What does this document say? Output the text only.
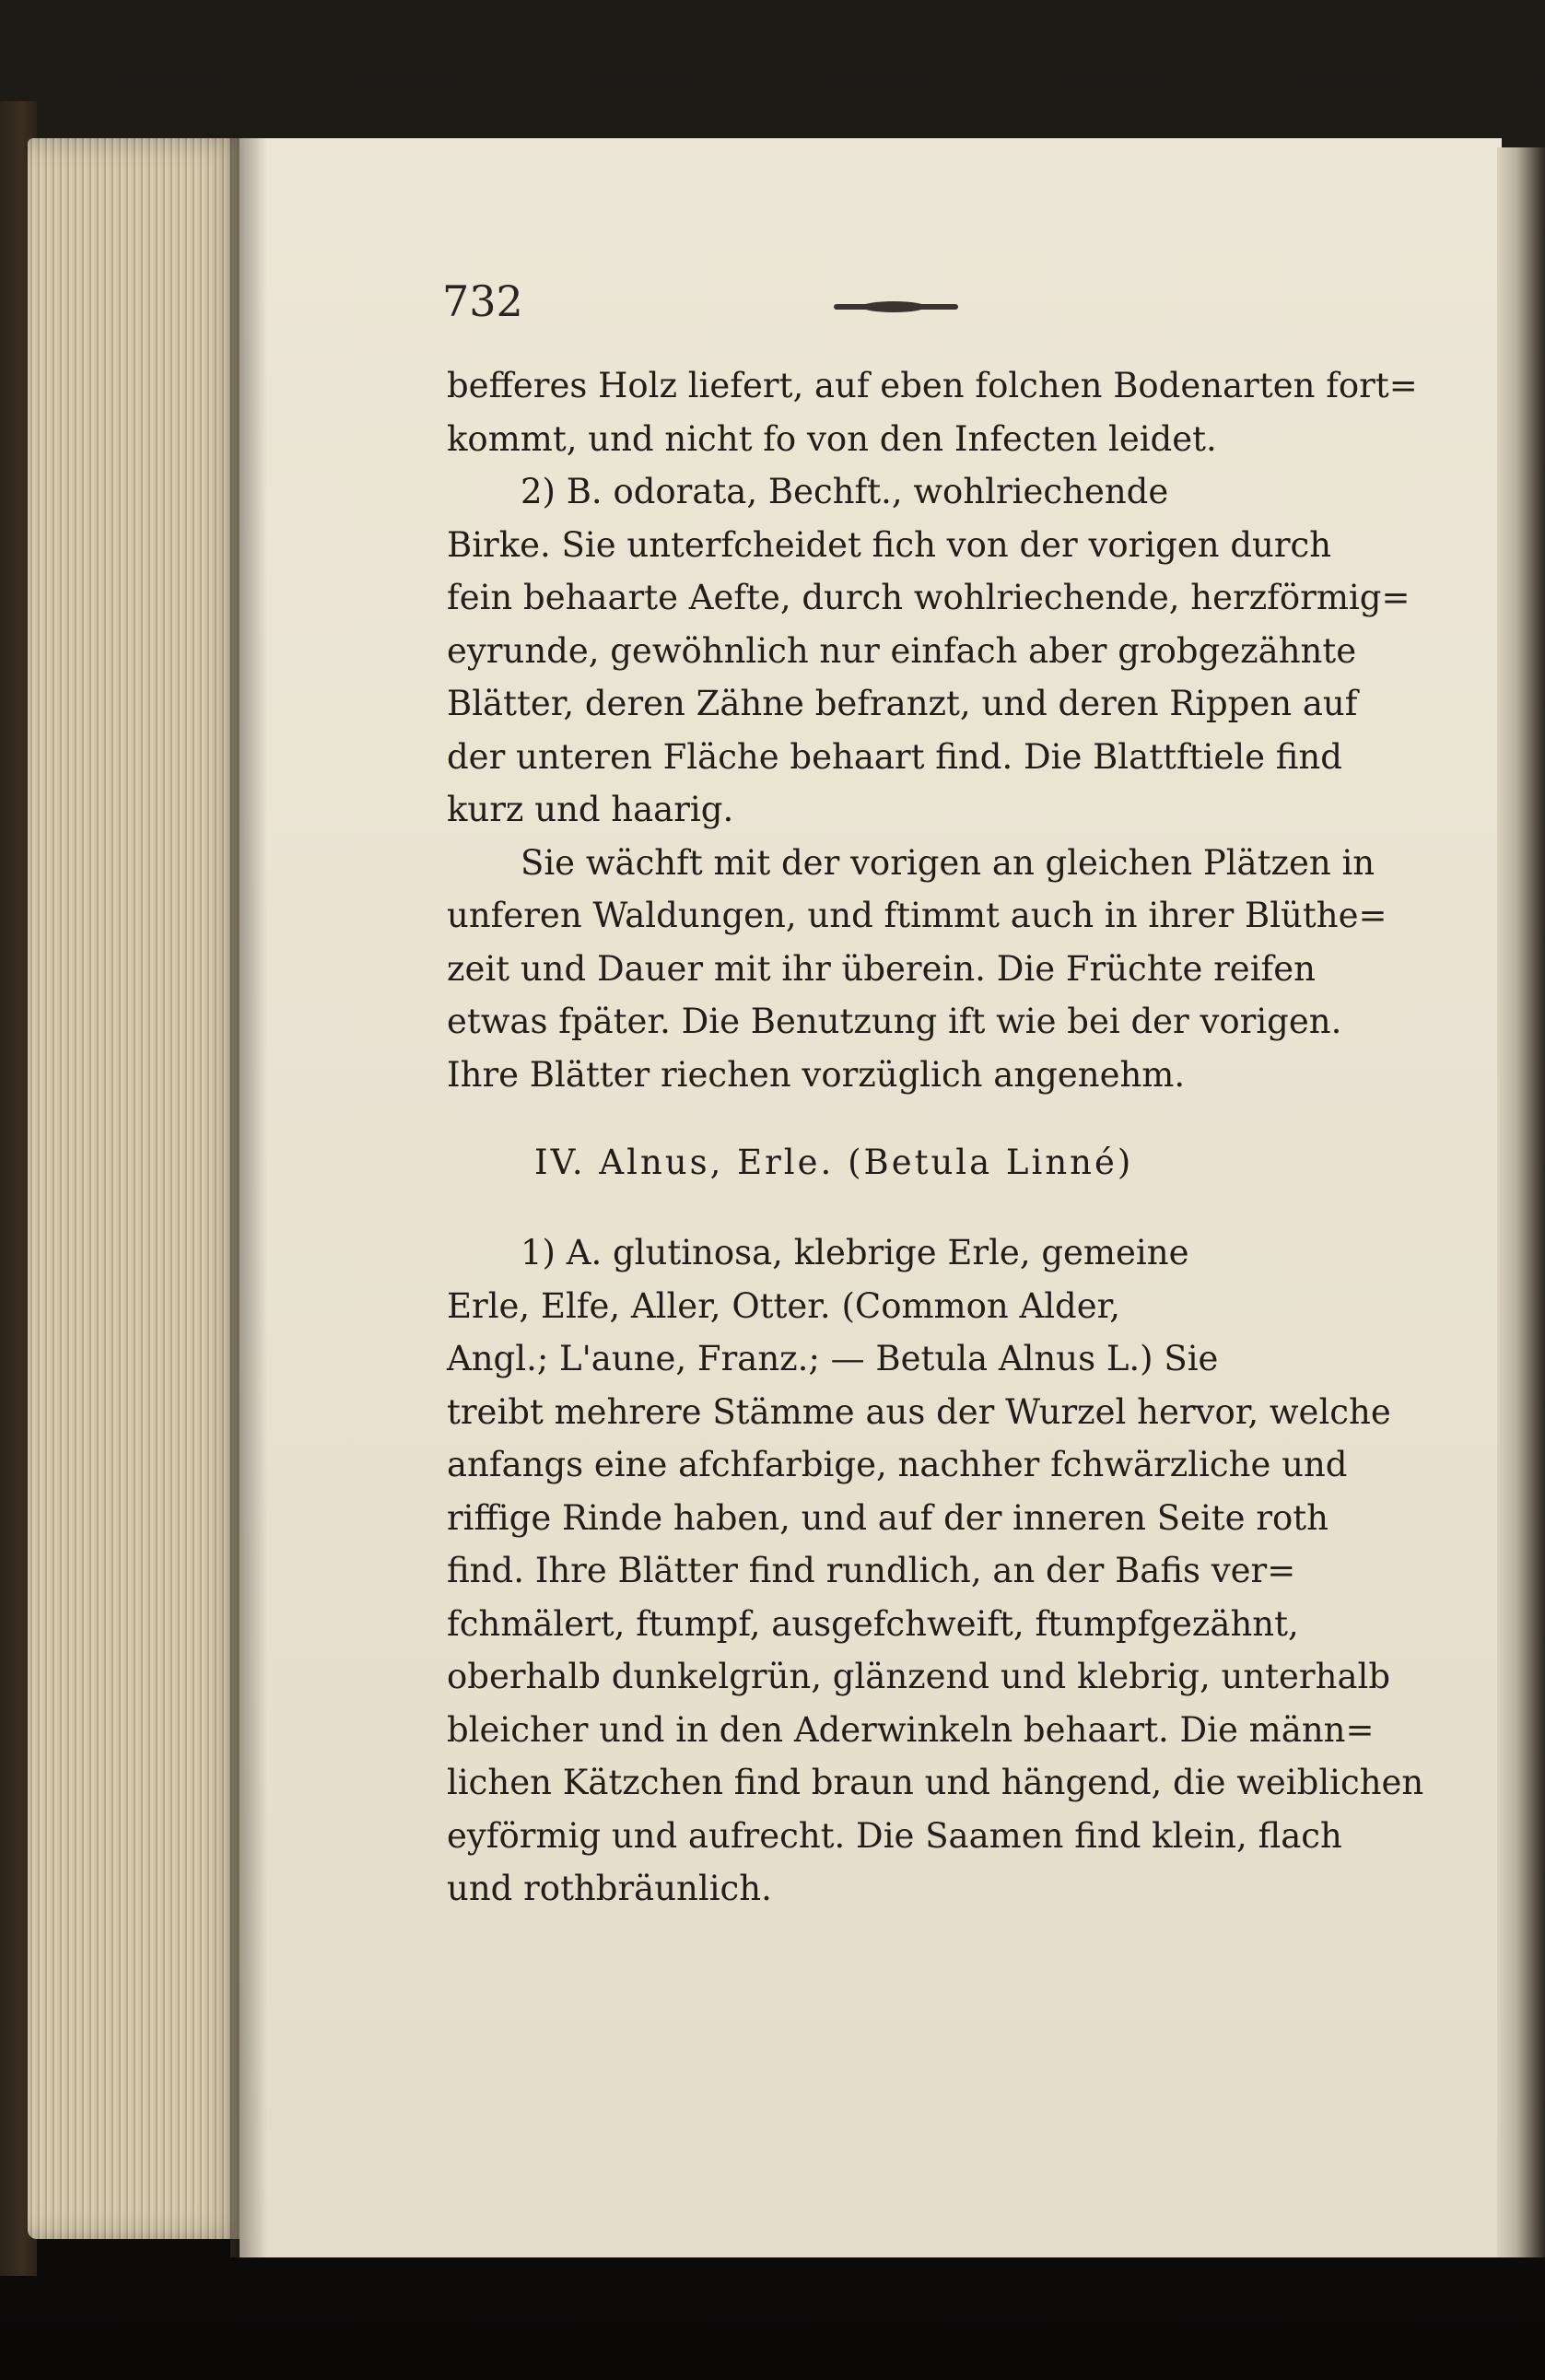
732
befferes Holz liefert, auf eben folchen Bodenarten fort=
kommt, und nicht fo von den Infecten leidet.
2) B. odorata, Bechft., wohlriechende
Birke. Sie unterfcheidet fich von der vorigen durch
fein behaarte Aefte, durch wohlriechende, herzförmig=
eyrunde, gewöhnlich nur einfach aber grobgezähnte
Blätter, deren Zähne befranzt, und deren Rippen auf
der unteren Fläche behaart find. Die Blattftiele find
kurz und haarig.
Sie wächft mit der vorigen an gleichen Plätzen in
unferen Waldungen, und ftimmt auch in ihrer Blüthe=
zeit und Dauer mit ihr überein. Die Früchte reifen
etwas fpäter. Die Benutzung ift wie bei der vorigen.
Ihre Blätter riechen vorzüglich angenehm.
IV. Alnus, Erle. (Betula Linné)
1) A. glutinosa, klebrige Erle, gemeine
Erle, Elfe, Aller, Otter. (Common Alder,
Angl.; L'aune, Franz.; — Betula Alnus L.) Sie
treibt mehrere Stämme aus der Wurzel hervor, welche
anfangs eine afchfarbige, nachher fchwärzliche und
riffige Rinde haben, und auf der inneren Seite roth
find. Ihre Blätter find rundlich, an der Bafis ver=
fchmälert, ftumpf, ausgefchweift, ftumpfgezähnt,
oberhalb dunkelgrün, glänzend und klebrig, unterhalb
bleicher und in den Aderwinkeln behaart. Die männ=
lichen Kätzchen find braun und hängend, die weiblichen
eyförmig und aufrecht. Die Saamen find klein, flach
und rothbräunlich.
